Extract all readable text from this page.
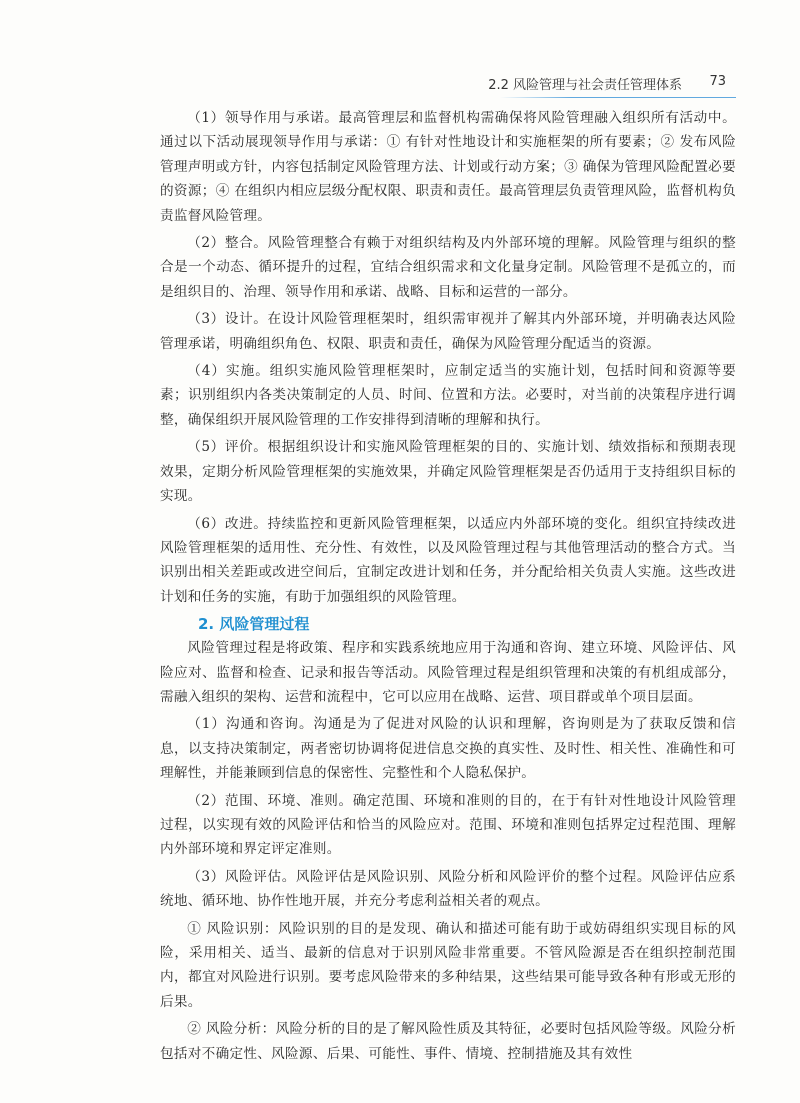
2.2 风险管理与社会责任管理体系 73

（1）领导作用与承诺。最高管理层和监督机构需确保将风险管理融入组织所有活动中。通过以下活动展现领导作用与承诺：① 有针对性地设计和实施框架的所有要素；② 发布风险管理声明或方针，内容包括制定风险管理方法、计划或行动方案；③ 确保为管理风险配置必要的资源；④ 在组织内相应层级分配权限、职责和责任。最高管理层负责管理风险，监督机构负责监督风险管理。

（2）整合。风险管理整合有赖于对组织结构及内外部环境的理解。风险管理与组织的整合是一个动态、循环提升的过程，宜结合组织需求和文化量身定制。风险管理不是孤立的，而是组织目的、治理、领导作用和承诺、战略、目标和运营的一部分。

（3）设计。在设计风险管理框架时，组织需审视并了解其内外部环境，并明确表达风险管理承诺，明确组织角色、权限、职责和责任，确保为风险管理分配适当的资源。

（4）实施。组织实施风险管理框架时，应制定适当的实施计划，包括时间和资源等要素；识别组织内各类决策制定的人员、时间、位置和方法。必要时，对当前的决策程序进行调整，确保组织开展风险管理的工作安排得到清晰的理解和执行。

（5）评价。根据组织设计和实施风险管理框架的目的、实施计划、绩效指标和预期表现效果，定期分析风险管理框架的实施效果，并确定风险管理框架是否仍适用于支持组织目标的实现。

（6）改进。持续监控和更新风险管理框架，以适应内外部环境的变化。组织宜持续改进风险管理框架的适用性、充分性、有效性，以及风险管理过程与其他管理活动的整合方式。当识别出相关差距或改进空间后，宜制定改进计划和任务，并分配给相关负责人实施。这些改进计划和任务的实施，有助于加强组织的风险管理。

2. 风险管理过程

风险管理过程是将政策、程序和实践系统地应用于沟通和咨询、建立环境、风险评估、风险应对、监督和检查、记录和报告等活动。风险管理过程是组织管理和决策的有机组成部分，需融入组织的架构、运营和流程中，它可以应用在战略、运营、项目群或单个项目层面。

（1）沟通和咨询。沟通是为了促进对风险的认识和理解，咨询则是为了获取反馈和信息，以支持决策制定，两者密切协调将促进信息交换的真实性、及时性、相关性、准确性和可理解性，并能兼顾到信息的保密性、完整性和个人隐私保护。

（2）范围、环境、准则。确定范围、环境和准则的目的，在于有针对性地设计风险管理过程，以实现有效的风险评估和恰当的风险应对。范围、环境和准则包括界定过程范围、理解内外部环境和界定评定准则。

（3）风险评估。风险评估是风险识别、风险分析和风险评价的整个过程。风险评估应系统地、循环地、协作性地开展，并充分考虑利益相关者的观点。

① 风险识别：风险识别的目的是发现、确认和描述可能有助于或妨碍组织实现目标的风险，采用相关、适当、最新的信息对于识别风险非常重要。不管风险源是否在组织控制范围内，都宜对风险进行识别。要考虑风险带来的多种结果，这些结果可能导致各种有形或无形的后果。

② 风险分析：风险分析的目的是了解风险性质及其特征，必要时包括风险等级。风险分析包括对不确定性、风险源、后果、可能性、事件、情境、控制措施及其有效性
